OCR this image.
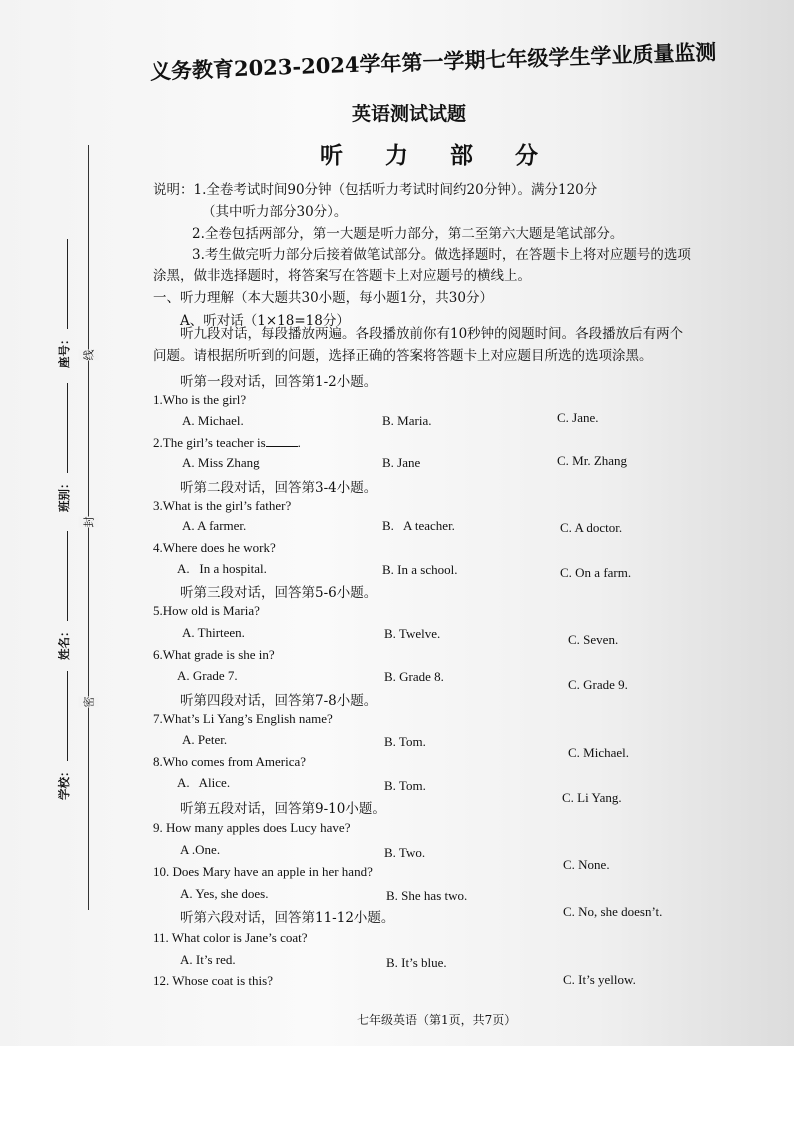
义务教育2023-2024学年第一学期七年级学生学业质量监测
英语测试试题
听力部分
座号：
班别：
姓名：
学校：
线
封
密
说明：1.全卷考试时间90分钟（包括听力考试时间约20分钟）。满分120分
（其中听力部分30分）。
2.全卷包括两部分，第一大题是听力部分，第二至第六大题是笔试部分。
3.考生做完听力部分后接着做笔试部分。做选择题时，在答题卡上将对应题号的选项
涂黑，做非选择题时，将答案写在答题卡上对应题号的横线上。
一、听力理解（本大题共30小题，每小题1分，共30分）
A、听对话（1×18=18分）
听九段对话，每段播放两遍。各段播放前你有10秒钟的阅题时间。各段播放后有两个
问题。请根据所听到的问题，选择正确的答案将答题卡上对应题目所选的选项涂黑。
听第一段对话，回答第1-2小题。
1.Who is the girl?
A. Michael.	B. Maria.	C. Jane.
2.The girl’s teacher is .
A. Miss Zhang	B. Jane	C. Mr. Zhang
听第二段对话，回答第3-4小题。
3.What is the girl’s father?
A. A farmer.	B.   A teacher.	C. A doctor.
4.Where does he work?
A.   In a hospital.	B. In a school.	C. On a farm.
听第三段对话，回答第5-6小题。
5.How old is Maria?
A. Thirteen.	B. Twelve.	C. Seven.
6.What grade is she in?
A. Grade 7.	B. Grade 8.
C. Grade 9.
听第四段对话，回答第7-8小题。
7.What’s Li Yang’s English name?
A. Peter.	B. Tom.
C. Michael.
8.Who comes from America?
A.   Alice.	B. Tom.
C. Li Yang.
听第五段对话，回答第9-10小题。
9. How many apples does Lucy have?
A .One.	B. Two.
C. None.
10. Does Mary have an apple in her hand?
A. Yes, she does.	B. She has two.
C. No, she doesn’t.
听第六段对话，回答第11-12小题。
11. What color is Jane’s coat?
A. It’s red.	B. It’s blue.
C. It’s yellow.
12. Whose coat is this?
七年级英语（第1页，共7页）
